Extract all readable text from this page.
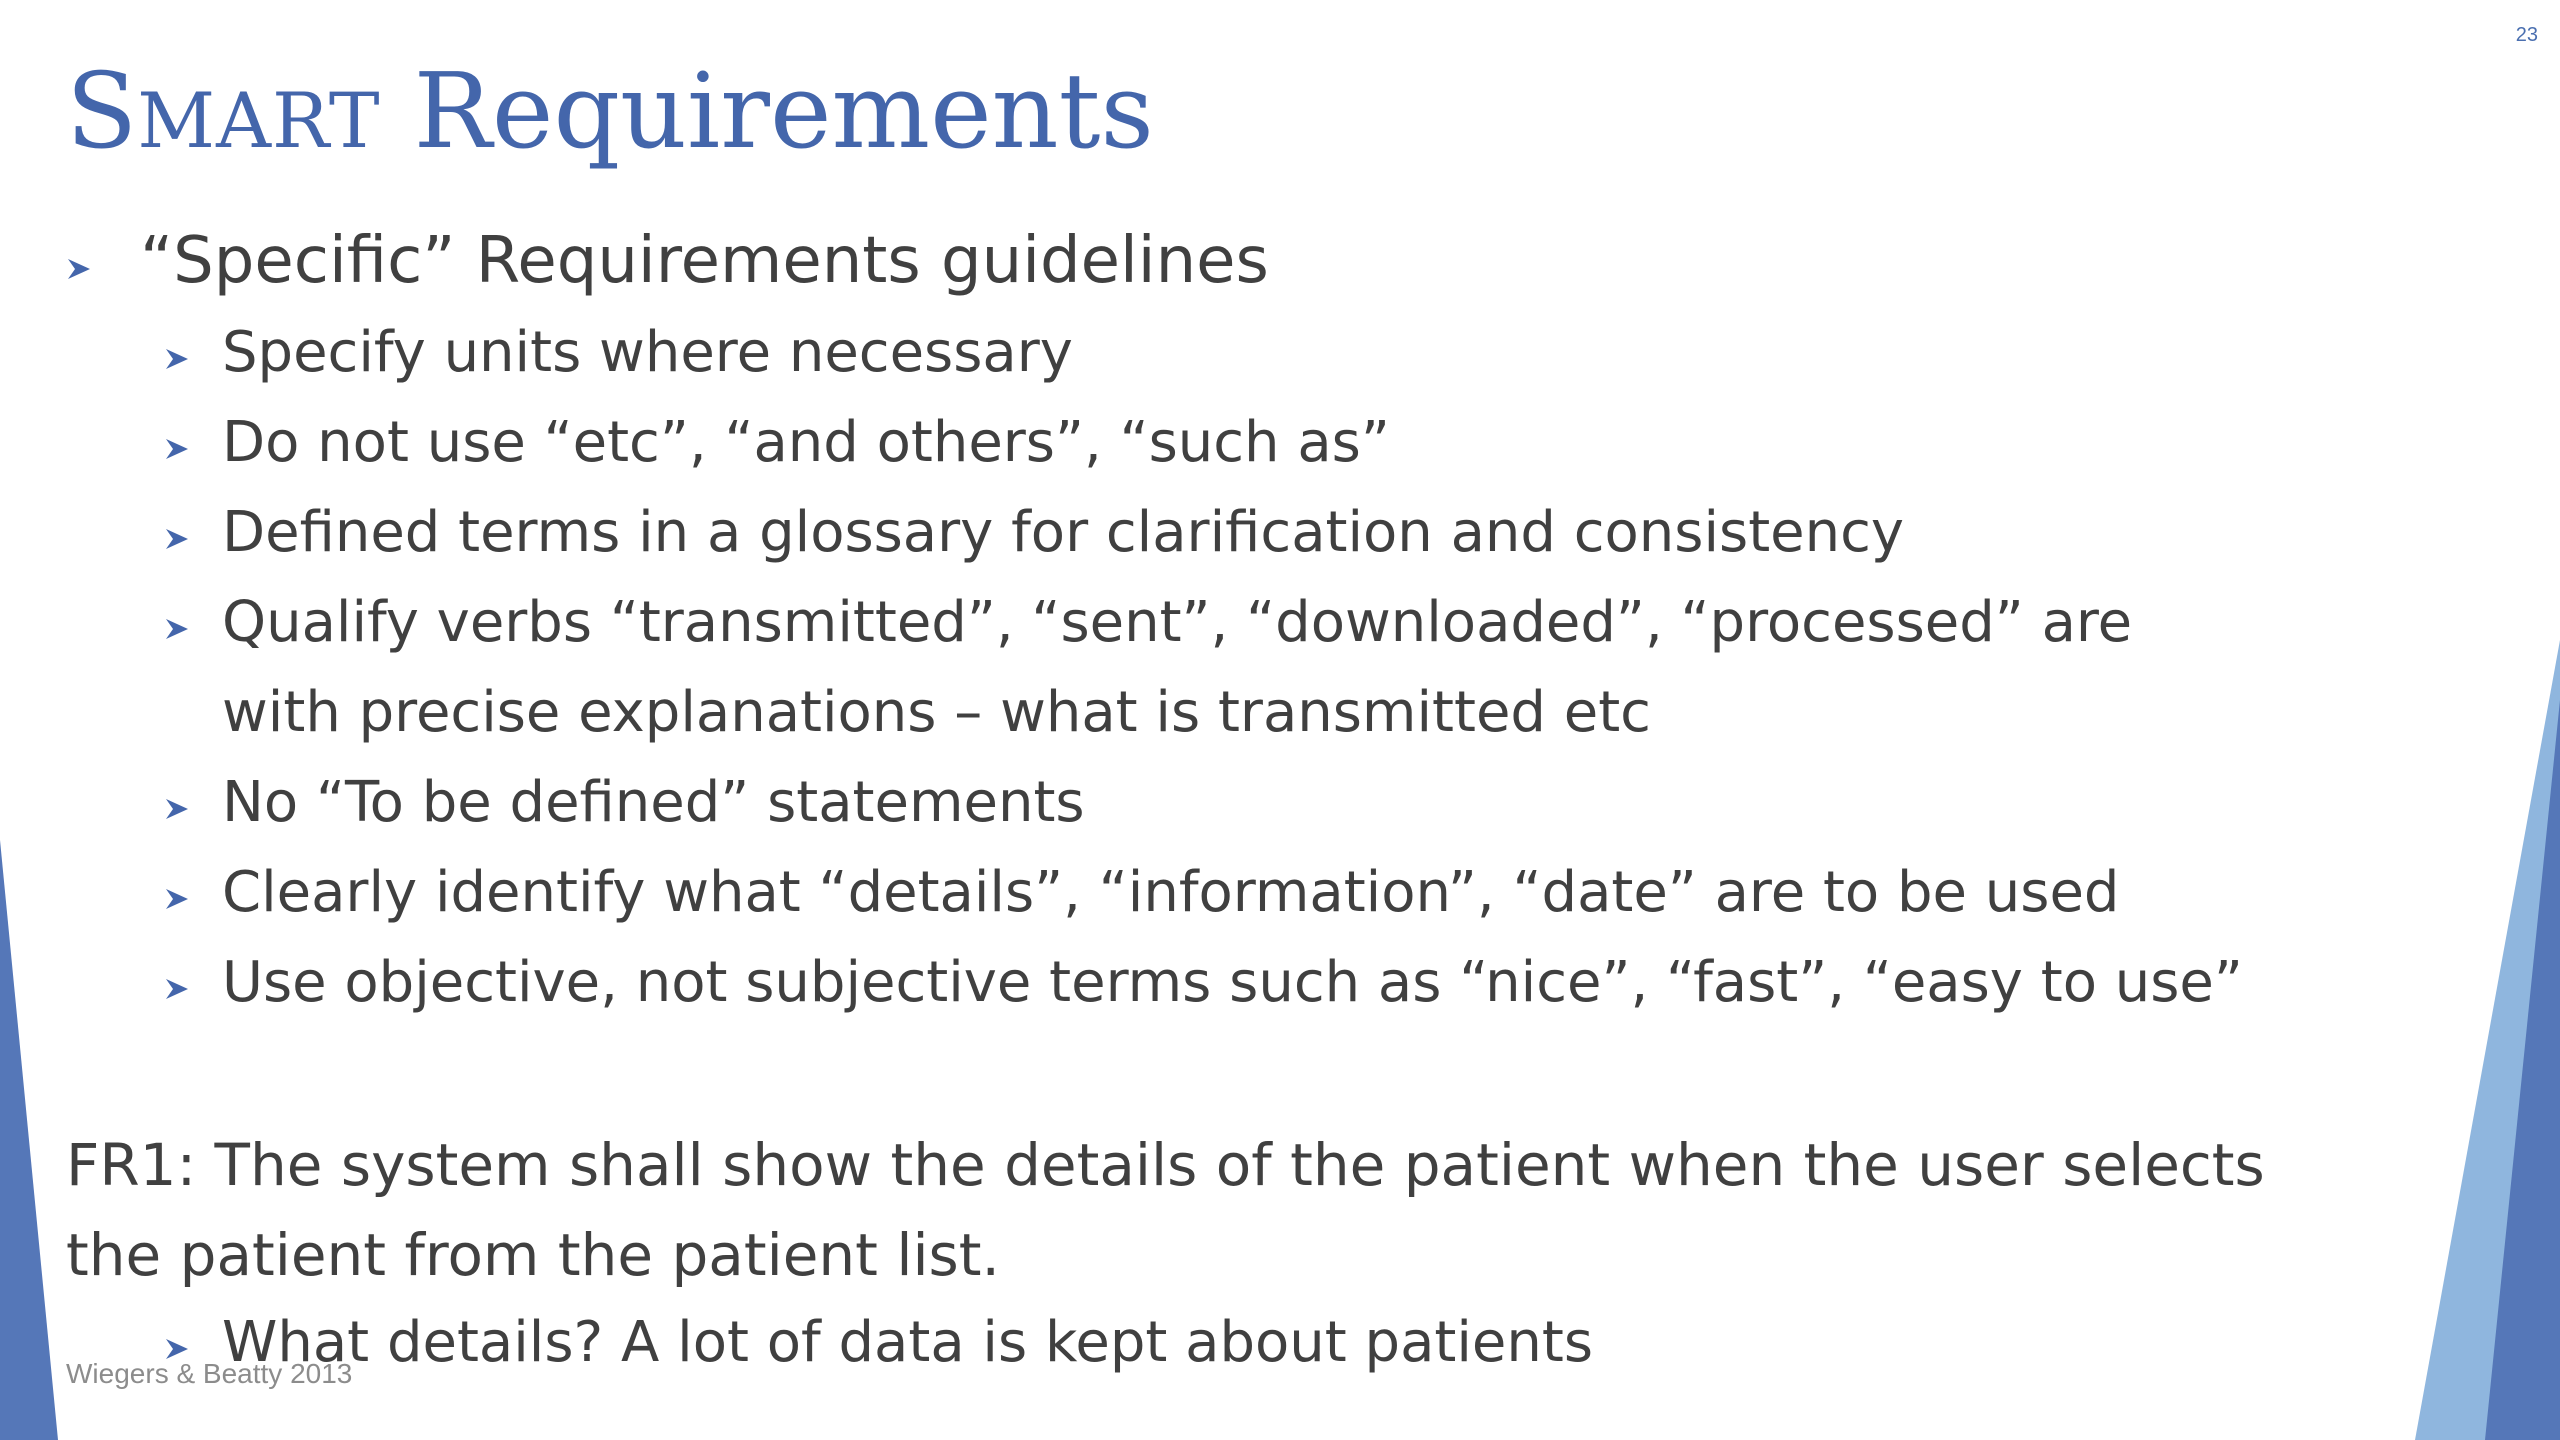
23
SMART Requirements
“Specific” Requirements guidelines
Specify units where necessary
Do not use “etc”, “and others”, “such as”
Defined terms in a glossary for clarification and consistency
Qualify verbs “transmitted”, “sent”, “downloaded”, “processed” are
with precise explanations – what is transmitted etc
No “To be defined” statements
Clearly identify what “details”, “information”, “date” are to be used
Use objective, not subjective terms such as “nice”, “fast”, “easy to use”
FR1: The system shall show the details of the patient when the user selects
the patient from the patient list.
What details? A lot of data is kept about patients
Wiegers & Beatty 2013
